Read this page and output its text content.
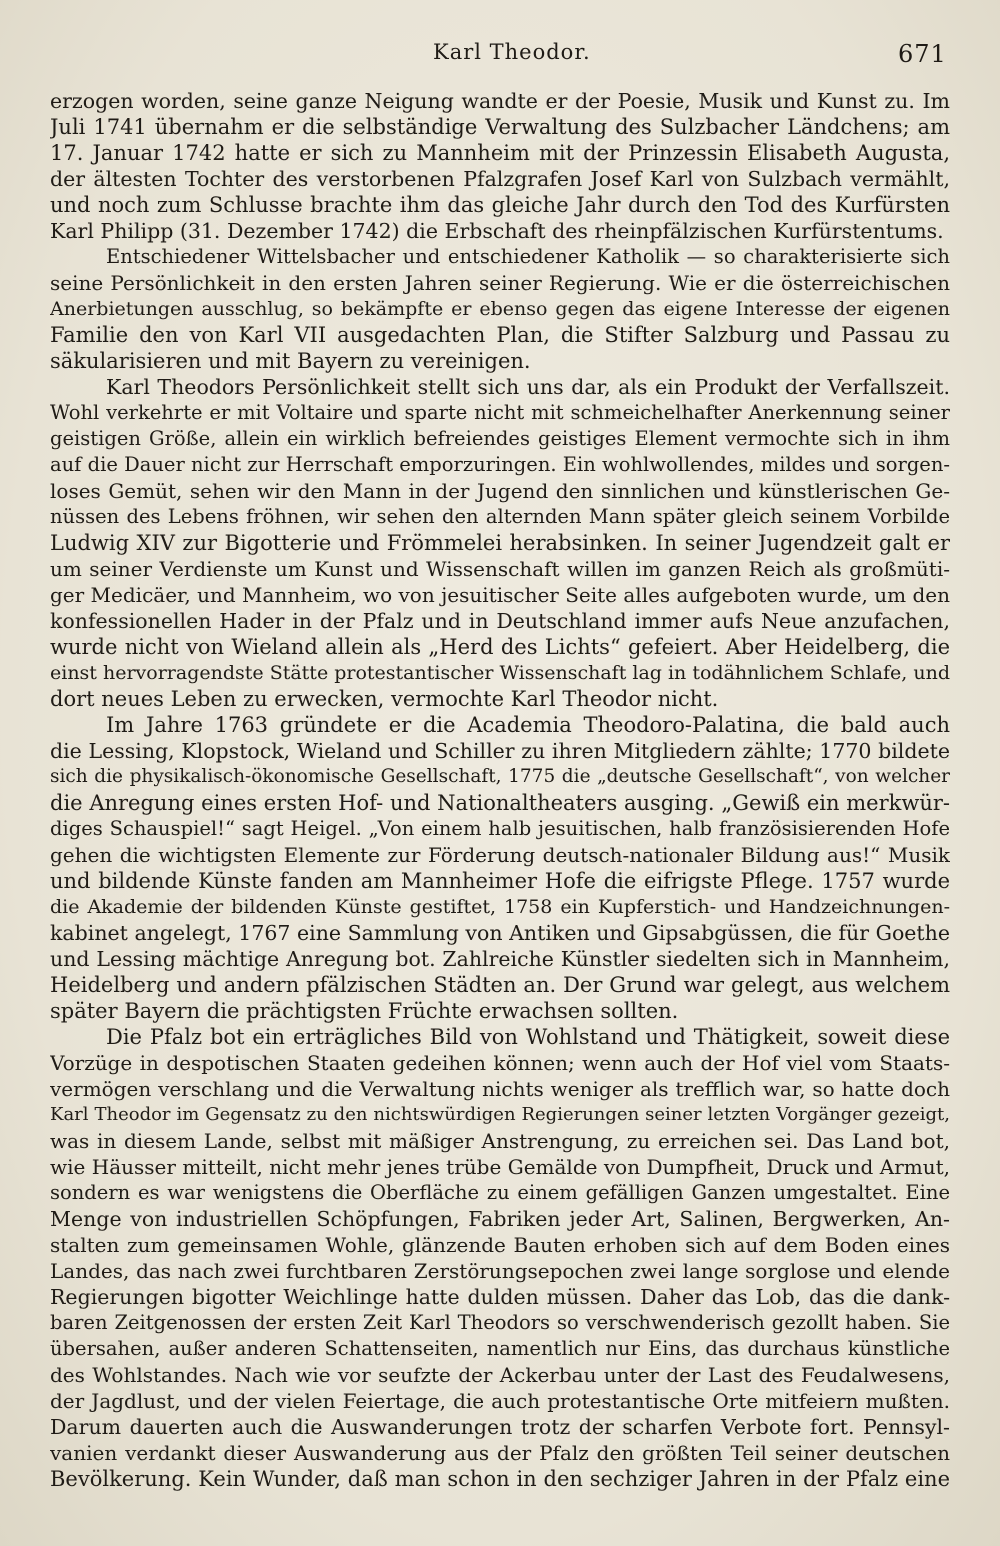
Karl Theodor.	671
erzogen worden, seine ganze Neigung wandte er der Poesie, Musik und Kunst zu. Im
Juli 1741 übernahm er die selbständige Verwaltung des Sulzbacher Ländchens; am
17. Januar 1742 hatte er sich zu Mannheim mit der Prinzessin Elisabeth Augusta,
der ältesten Tochter des verstorbenen Pfalzgrafen Josef Karl von Sulzbach vermählt,
und noch zum Schlusse brachte ihm das gleiche Jahr durch den Tod des Kurfürsten
Karl Philipp (31. Dezember 1742) die Erbschaft des rheinpfälzischen Kurfürstentums.
Entschiedener Wittelsbacher und entschiedener Katholik — so charakterisierte sich
seine Persönlichkeit in den ersten Jahren seiner Regierung. Wie er die österreichischen
Anerbietungen ausschlug, so bekämpfte er ebenso gegen das eigene Interesse der eigenen
Familie den von Karl VII ausgedachten Plan, die Stifter Salzburg und Passau zu
säkularisieren und mit Bayern zu vereinigen.
Karl Theodors Persönlichkeit stellt sich uns dar, als ein Produkt der Verfallszeit.
Wohl verkehrte er mit Voltaire und sparte nicht mit schmeichelhafter Anerkennung seiner
geistigen Größe, allein ein wirklich befreiendes geistiges Element vermochte sich in ihm
auf die Dauer nicht zur Herrschaft emporzuringen. Ein wohlwollendes, mildes und sorgen-
loses Gemüt, sehen wir den Mann in der Jugend den sinnlichen und künstlerischen Ge-
nüssen des Lebens fröhnen, wir sehen den alternden Mann später gleich seinem Vorbilde
Ludwig XIV zur Bigotterie und Frömmelei herabsinken. In seiner Jugendzeit galt er
um seiner Verdienste um Kunst und Wissenschaft willen im ganzen Reich als großmüti-
ger Medicäer, und Mannheim, wo von jesuitischer Seite alles aufgeboten wurde, um den
konfessionellen Hader in der Pfalz und in Deutschland immer aufs Neue anzufachen,
wurde nicht von Wieland allein als „Herd des Lichts“ gefeiert. Aber Heidelberg, die
einst hervorragendste Stätte protestantischer Wissenschaft lag in todähnlichem Schlafe, und
dort neues Leben zu erwecken, vermochte Karl Theodor nicht.
Im Jahre 1763 gründete er die Academia Theodoro-Palatina, die bald auch
die Lessing, Klopstock, Wieland und Schiller zu ihren Mitgliedern zählte; 1770 bildete
sich die physikalisch-ökonomische Gesellschaft, 1775 die „deutsche Gesellschaft“, von welcher
die Anregung eines ersten Hof- und Nationaltheaters ausging. „Gewiß ein merkwür-
diges Schauspiel!“ sagt Heigel. „Von einem halb jesuitischen, halb französisierenden Hofe
gehen die wichtigsten Elemente zur Förderung deutsch-nationaler Bildung aus!“ Musik
und bildende Künste fanden am Mannheimer Hofe die eifrigste Pflege. 1757 wurde
die Akademie der bildenden Künste gestiftet, 1758 ein Kupferstich- und Handzeichnungen-
kabinet angelegt, 1767 eine Sammlung von Antiken und Gipsabgüssen, die für Goethe
und Lessing mächtige Anregung bot. Zahlreiche Künstler siedelten sich in Mannheim,
Heidelberg und andern pfälzischen Städten an. Der Grund war gelegt, aus welchem
später Bayern die prächtigsten Früchte erwachsen sollten.
Die Pfalz bot ein erträgliches Bild von Wohlstand und Thätigkeit, soweit diese
Vorzüge in despotischen Staaten gedeihen können; wenn auch der Hof viel vom Staats-
vermögen verschlang und die Verwaltung nichts weniger als trefflich war, so hatte doch
Karl Theodor im Gegensatz zu den nichtswürdigen Regierungen seiner letzten Vorgänger gezeigt,
was in diesem Lande, selbst mit mäßiger Anstrengung, zu erreichen sei. Das Land bot,
wie Häusser mitteilt, nicht mehr jenes trübe Gemälde von Dumpfheit, Druck und Armut,
sondern es war wenigstens die Oberfläche zu einem gefälligen Ganzen umgestaltet. Eine
Menge von industriellen Schöpfungen, Fabriken jeder Art, Salinen, Bergwerken, An-
stalten zum gemeinsamen Wohle, glänzende Bauten erhoben sich auf dem Boden eines
Landes, das nach zwei furchtbaren Zerstörungsepochen zwei lange sorglose und elende
Regierungen bigotter Weichlinge hatte dulden müssen. Daher das Lob, das die dank-
baren Zeitgenossen der ersten Zeit Karl Theodors so verschwenderisch gezollt haben. Sie
übersahen, außer anderen Schattenseiten, namentlich nur Eins, das durchaus künstliche
des Wohlstandes. Nach wie vor seufzte der Ackerbau unter der Last des Feudalwesens,
der Jagdlust, und der vielen Feiertage, die auch protestantische Orte mitfeiern mußten.
Darum dauerten auch die Auswanderungen trotz der scharfen Verbote fort. Pennsyl-
vanien verdankt dieser Auswanderung aus der Pfalz den größten Teil seiner deutschen
Bevölkerung. Kein Wunder, daß man schon in den sechziger Jahren in der Pfalz eine
